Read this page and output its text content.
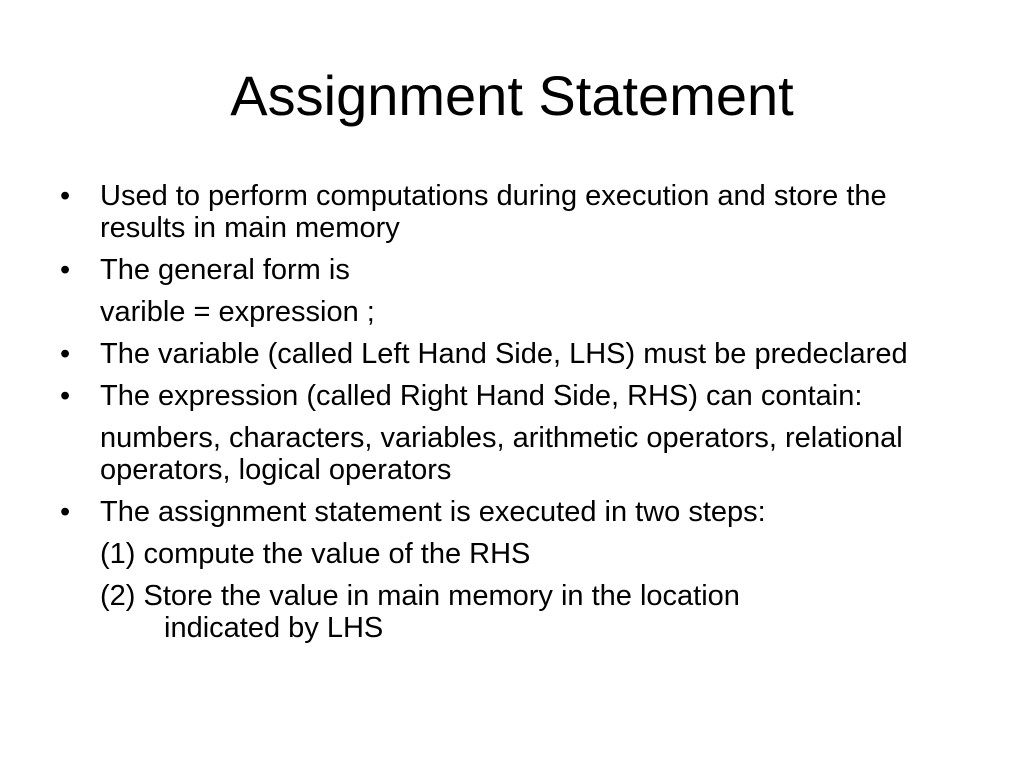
Assignment Statement
• Used to perform computations during execution and store the results in main memory
• The general form is
varible = expression ;
• The variable (called Left Hand Side, LHS) must be predeclared
• The expression (called Right Hand Side, RHS) can contain:
numbers, characters, variables, arithmetic operators, relational operators, logical operators
• The assignment statement is executed in two steps:
(1) compute the value of the RHS
(2) Store the value in main memory in the location
indicated by LHS
